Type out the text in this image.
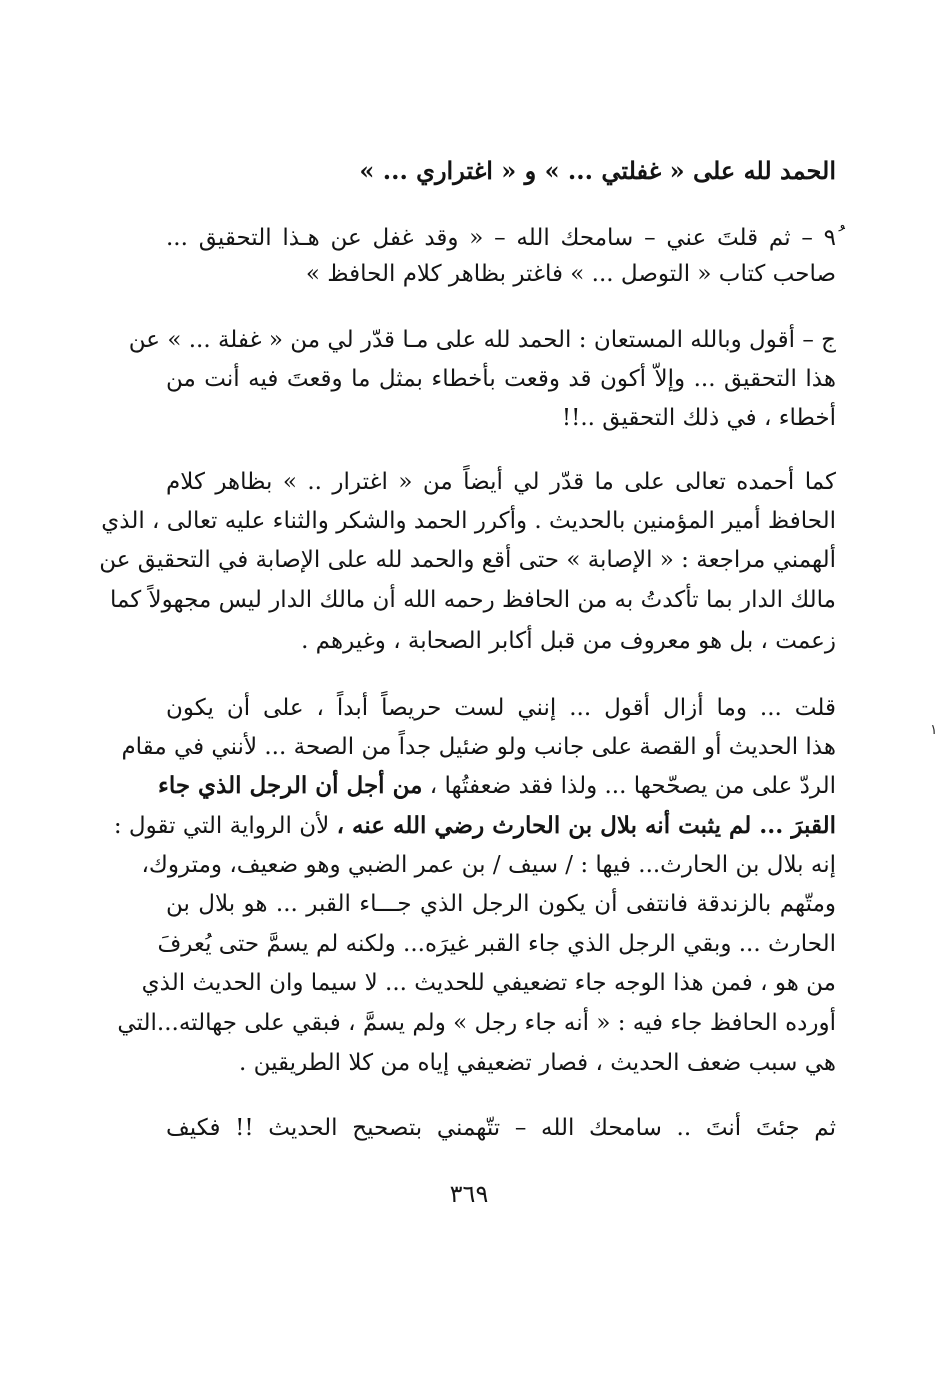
الحمد لله على « غفلتي ... » و « اغتراري ... »
٩ُ – ثم قلتَ عني – سامحك الله – « وقد غفل عن هـذا التحقيق ...
صاحب كتاب « التوصل ... » فاغتر بظاهر كلام الحافظ »
ج – أقول وبالله المستعان : الحمد لله على مـا قدّر لي من « غفلة ... » عن
هذا التحقيق ... وإلاّ أكون قد وقعت بأخطاء بمثل ما وقعتَ فيه أنت من
أخطاء ، في ذلك التحقيق ..!!
كما أحمده تعالى على ما قدّر لي أيضاً من « اغترار .. » بظاهر كلام
الحافظ أمير المؤمنين بالحديث . وأكرر الحمد والشكر والثناء عليه تعالى ، الذي
ألهمني مراجعة : « الإصابة » حتى أقع والحمد لله على الإصابة في التحقيق عن
مالك الدار بما تأكدتُ به من الحافظ رحمه الله أن مالك الدار ليس مجهولاً كما
زعمت ، بل هو معروف من قبل أكابر الصحابة ، وغيرهم .
قلت ... وما أزال أقول ... إنني لست حريصاً أبداً ، على أن يكون
هذا الحديث أو القصة على جانب ولو ضئيل جداً من الصحة ... لأنني في مقام
الردّ على من يصحّحها ... ولذا فقد ضعفتُها ، من أجل أن الرجل الذي جاء
القبرَ ... لم يثبت أنه بلال بن الحارث رضي الله عنه ، لأن الرواية التي تقول :
إنه بلال بن الحارث... فيها : / سيف / بن عمر الضبي وهو ضعيف، ومتروك،
ومتّهم بالزندقة فانتفى أن يكون الرجل الذي جـــاء القبر ... هو بلال بن
الحارث ... وبقي الرجل الذي جاء القبر غيرَه... ولكنه لم يسمَّ حتى يُعرفَ
من هو ، فمن هذا الوجه جاء تضعيفي للحديث ... لا سيما وان الحديث الذي
أورده الحافظ جاء فيه : « أنه جاء رجل » ولم يسمَّ ، فبقي على جهالته...التي
هي سبب ضعف الحديث ، فصار تضعيفي إياه من كلا الطريقين .
ثم جئتَ أنتَ .. سامحك الله – تتّهمني بتصحيح الحديث !! فكيف
٣٦٩
١
